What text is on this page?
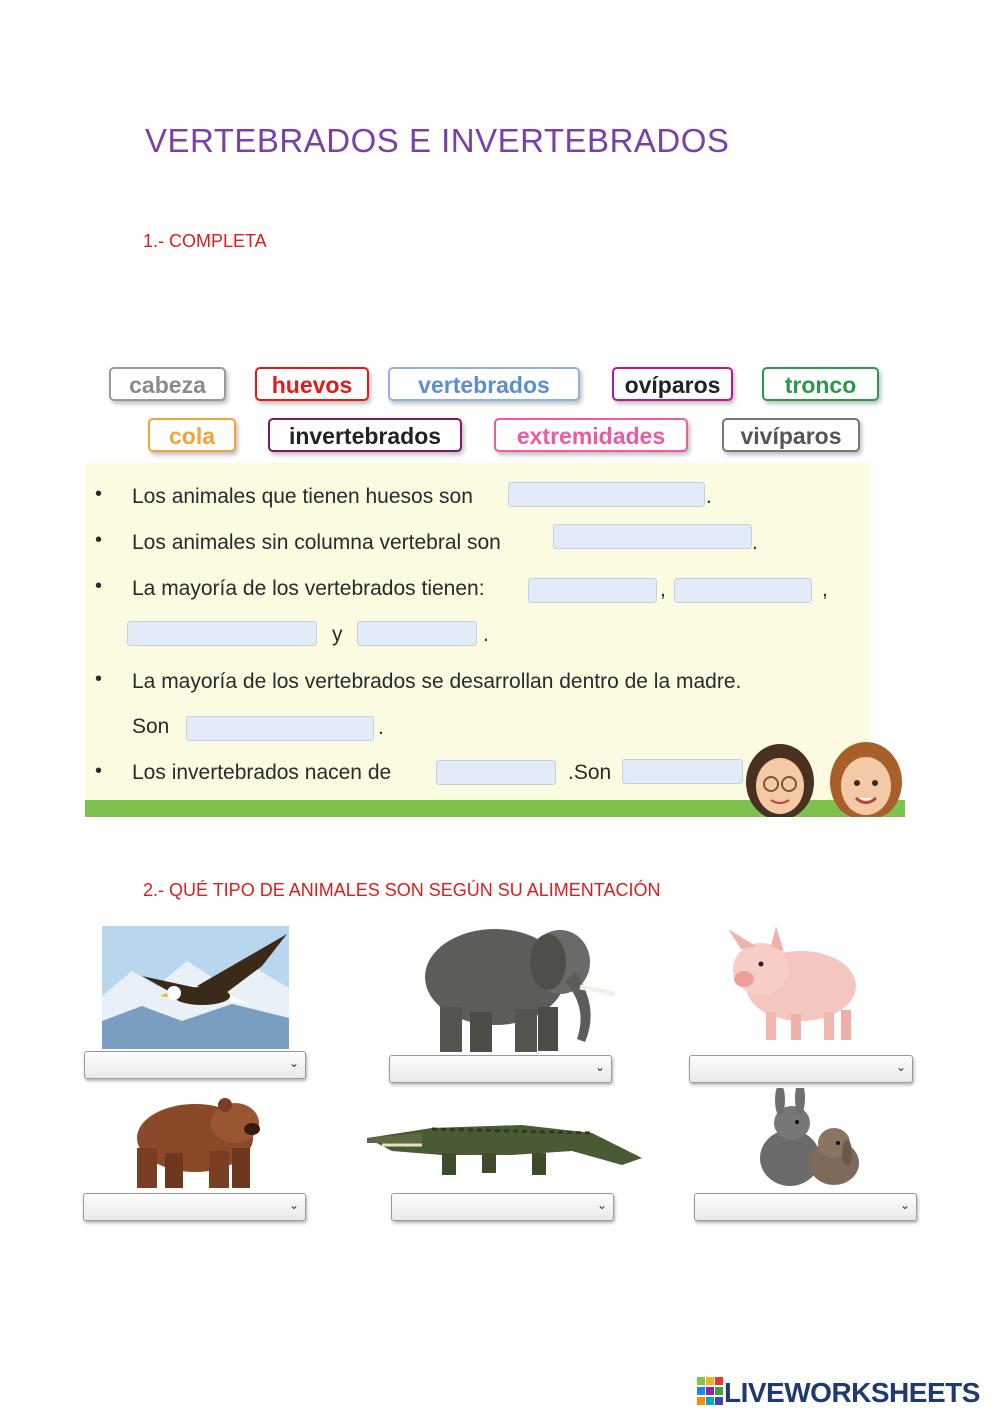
VERTEBRADOS E INVERTEBRADOS
1.- COMPLETA
cabeza	huevos	vertebrados	ovíparos	tronco
cola	invertebrados	extremidades	vivíparos
• Los animales que tienen huesos son	.
• Los animales sin columna vertebral son	.
• La mayoría de los vertebrados tienen:	,	,
y	.
• La mayoría de los vertebrados se desarrollan dentro de la madre.
Son	.
• Los invertebrados nacen de	.Son
2.- QUÉ TIPO DE ANIMALES SON SEGÚN SU ALIMENTACIÓN
⌄	⌄	⌄
⌄	⌄	⌄
LIVEWORKSHEETS
